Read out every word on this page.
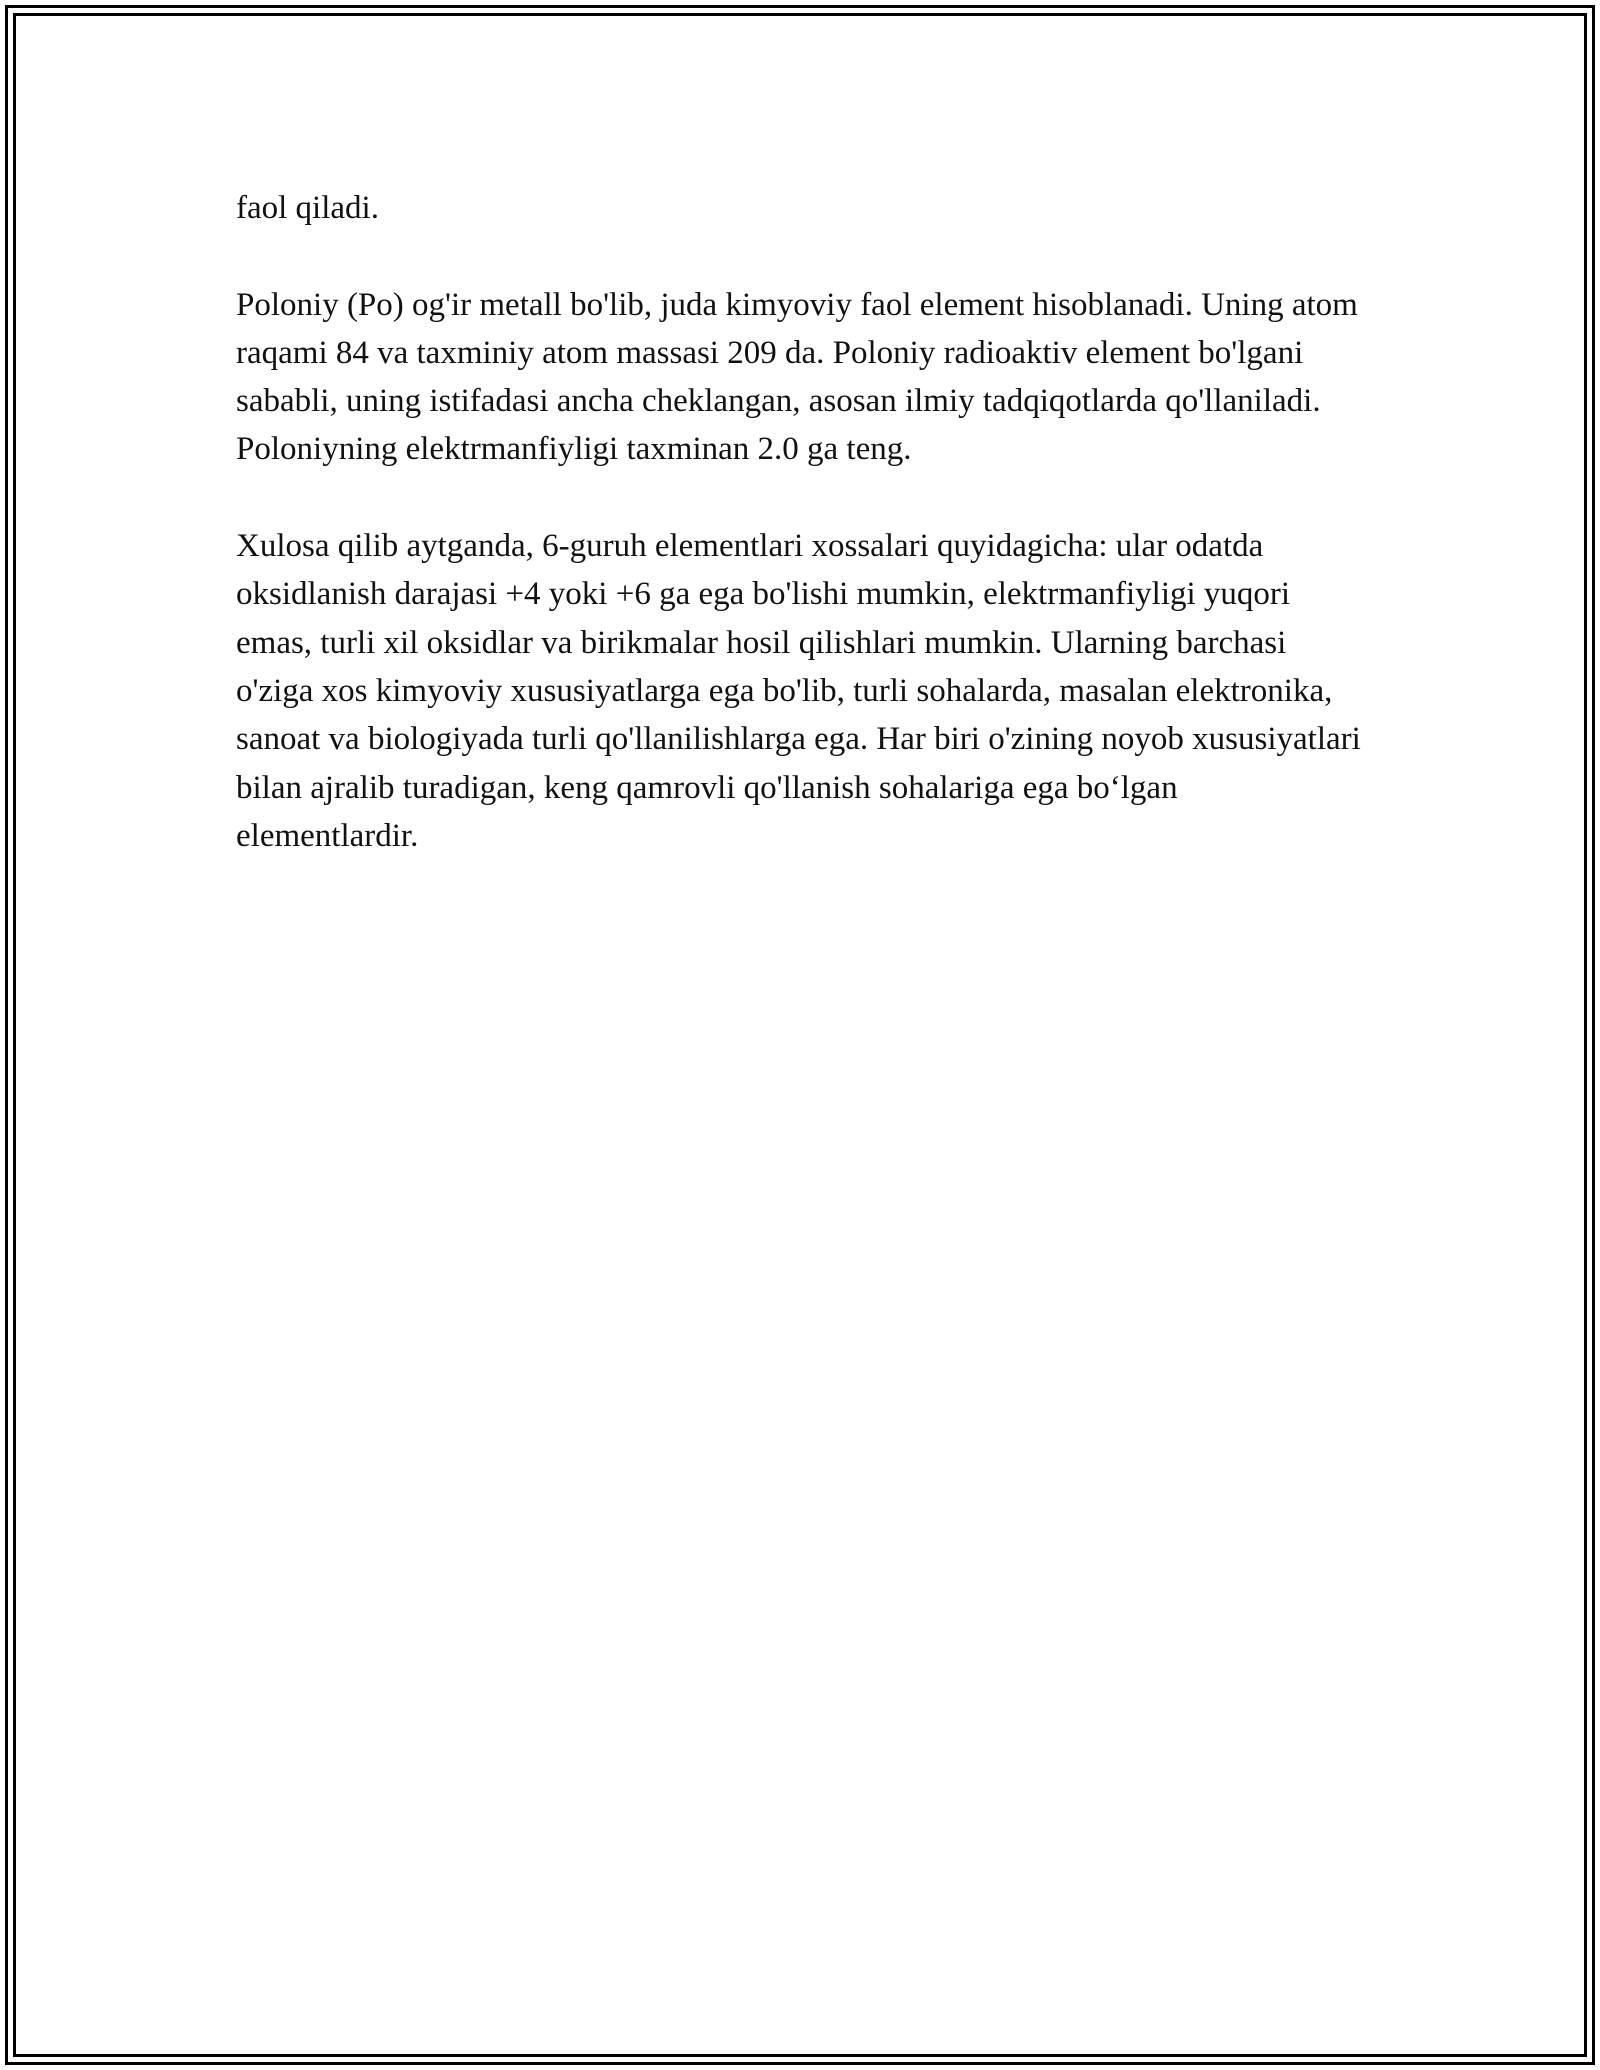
faol qiladi.

Poloniy (Po) og'ir metall bo'lib, juda kimyoviy faol element hisoblanadi. Uning atom raqami 84 va taxminiy atom massasi 209 da. Poloniy radioaktiv element bo'lgani sababli, uning istifadasi ancha cheklangan, asosan ilmiy tadqiqotlarda qo'llaniladi. Poloniyning elektrmanfiyligi taxminan 2.0 ga teng.

Xulosa qilib aytganda, 6-guruh elementlari xossalari quyidagicha: ular odatda oksidlanish darajasi +4 yoki +6 ga ega bo'lishi mumkin, elektrmanfiyligi yuqori emas, turli xil oksidlar va birikmalar hosil qilishlari mumkin. Ularning barchasi o'ziga xos kimyoviy xususiyatlarga ega bo'lib, turli sohalarda, masalan elektronika, sanoat va biologiyada turli qo'llanilishlarga ega. Har biri o'zining noyob xususiyatlari bilan ajralib turadigan, keng qamrovli qo'llanish sohalariga ega bo‘lgan elementlardir.
